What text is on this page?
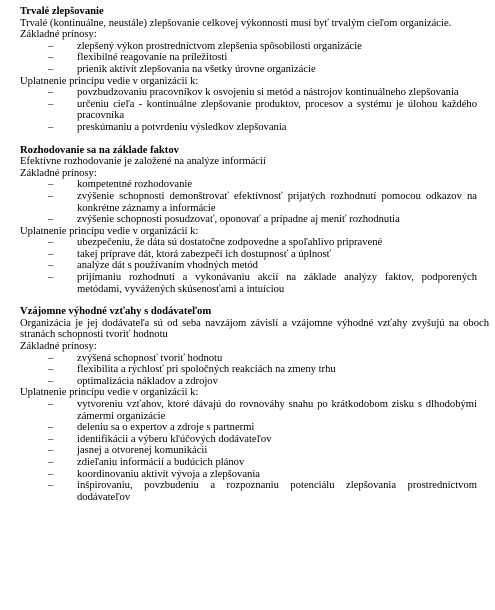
Trvalé zlepšovanie
Trvalé (kontinuálne, neustále) zlepšovanie celkovej výkonnosti musí byť trvalým cieľom organizácie.
Základné prínosy:
– zlepšený výkon prostredníctvom zlepšenia spôsobilosti organizácie
– flexibilné reagovanie na príležitosti
– prienik aktivít zlepšovania na všetky úrovne organizácie
Uplatnenie princípu vedie v organizácii k:
– povzbudzovaniu pracovníkov k osvojeniu si metód a nástrojov kontinuálneho zlepšovania
– určeniu cieľa - kontinuálne zlepšovanie produktov, procesov a systému je úlohou každého pracovníka
– preskúmaniu a potvrdeniu výsledkov zlepšovania
Rozhodovanie sa na základe faktov
Efektívne rozhodovanie je založené na analýze informácií
Základné prínosy:
– kompetentné rozhodovanie
– zvýšenie schopnosti demonštrovať efektívnosť prijatých rozhodnutí pomocou odkazov na konkrétne záznamy a informácie
– zvýšenie schopnosti posudzovať, oponovať a prípadne aj meniť rozhodnutia
Uplatnenie princípu vedie v organizácii k:
– ubezpečeniu, že dáta sú dostatočne zodpovedne a spoľahlivo pripravené
– takej príprave dát, ktorá zabezpečí ich dostupnosť a úplnosť
– analýze dát s používaním vhodných metód
– prijímaniu rozhodnutí a vykonávaniu akcií na základe analýzy faktov, podporených metódami, vyvážených skúsenosťami a intuíciou
Vzájomne výhodné vzťahy s dodávateľom
Organizácia je jej dodávateľa sú od seba navzájom závislí a vzájomne výhodné vzťahy zvyšujú na oboch stranách schopnosti tvoriť hodnotu
Základné prínosy:
– zvýšená schopnosť tvoriť hodnotu
– flexibilita a rýchlosť pri spoločných reakciách na zmeny trhu
– optimalizácia nákladov a zdrojov
Uplatnenie princípu vedie v organizácii k:
– vytvoreniu vzťahov, ktoré dávajú do rovnováhy snahu po krátkodobom zisku s dlhodobými zámermi organizácie
– deleniu sa o expertov a zdroje s partnermi
– identifikácii a výberu kľúčových dodávateľov
– jasnej a otvorenej komunikácii
– zdieľaniu informácií a budúcich plánov
– koordinovaniu aktivít vývoja a zlepšovania
– inšpirovaniu, povzbudeniu a rozpoznaniu potenciálu zlepšovania prostredníctvom dodávateľov
